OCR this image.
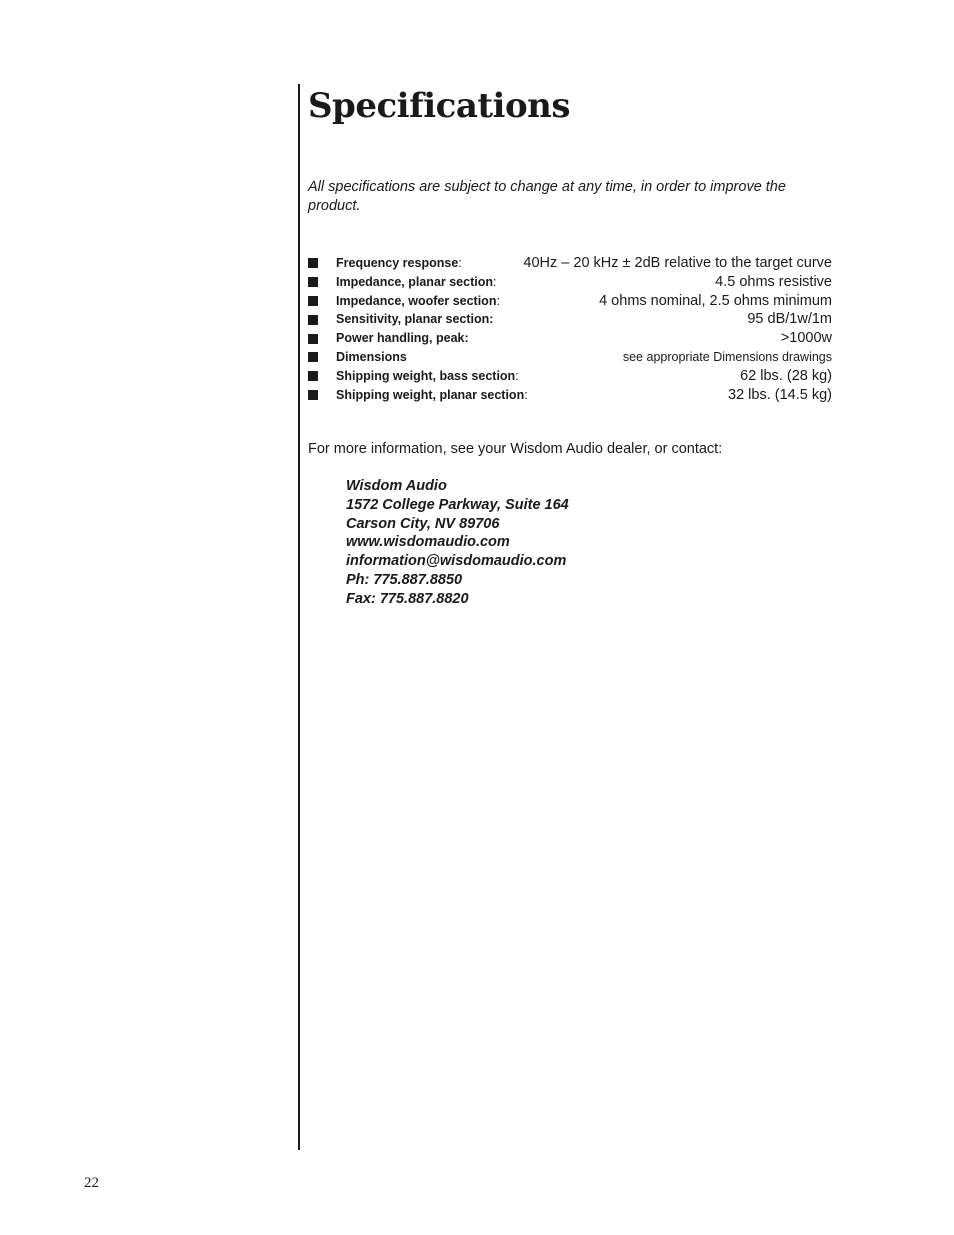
Specifications

All specifications are subject to change at any time, in order to improve the product.

Frequency response :	40Hz – 20 kHz ± 2dB relative to the target curve
Impedance, planar section :	4.5 ohms resistive
Impedance, woofer section :	4 ohms nominal, 2.5 ohms minimum
Sensitivity, planar section:	95 dB/1w/1m
Power handling, peak:	>1000w
Dimensions	see appropriate Dimensions drawings
Shipping weight, bass section :	62 lbs. (28 kg)
Shipping weight, planar section :	32 lbs. (14.5 kg)

For more information, see your Wisdom Audio dealer, or contact:

Wisdom Audio
1572 College Parkway, Suite 164
Carson City, NV 89706
www.wisdomaudio.com
information@wisdomaudio.com
Ph: 775.887.8850
Fax: 775.887.8820

22
